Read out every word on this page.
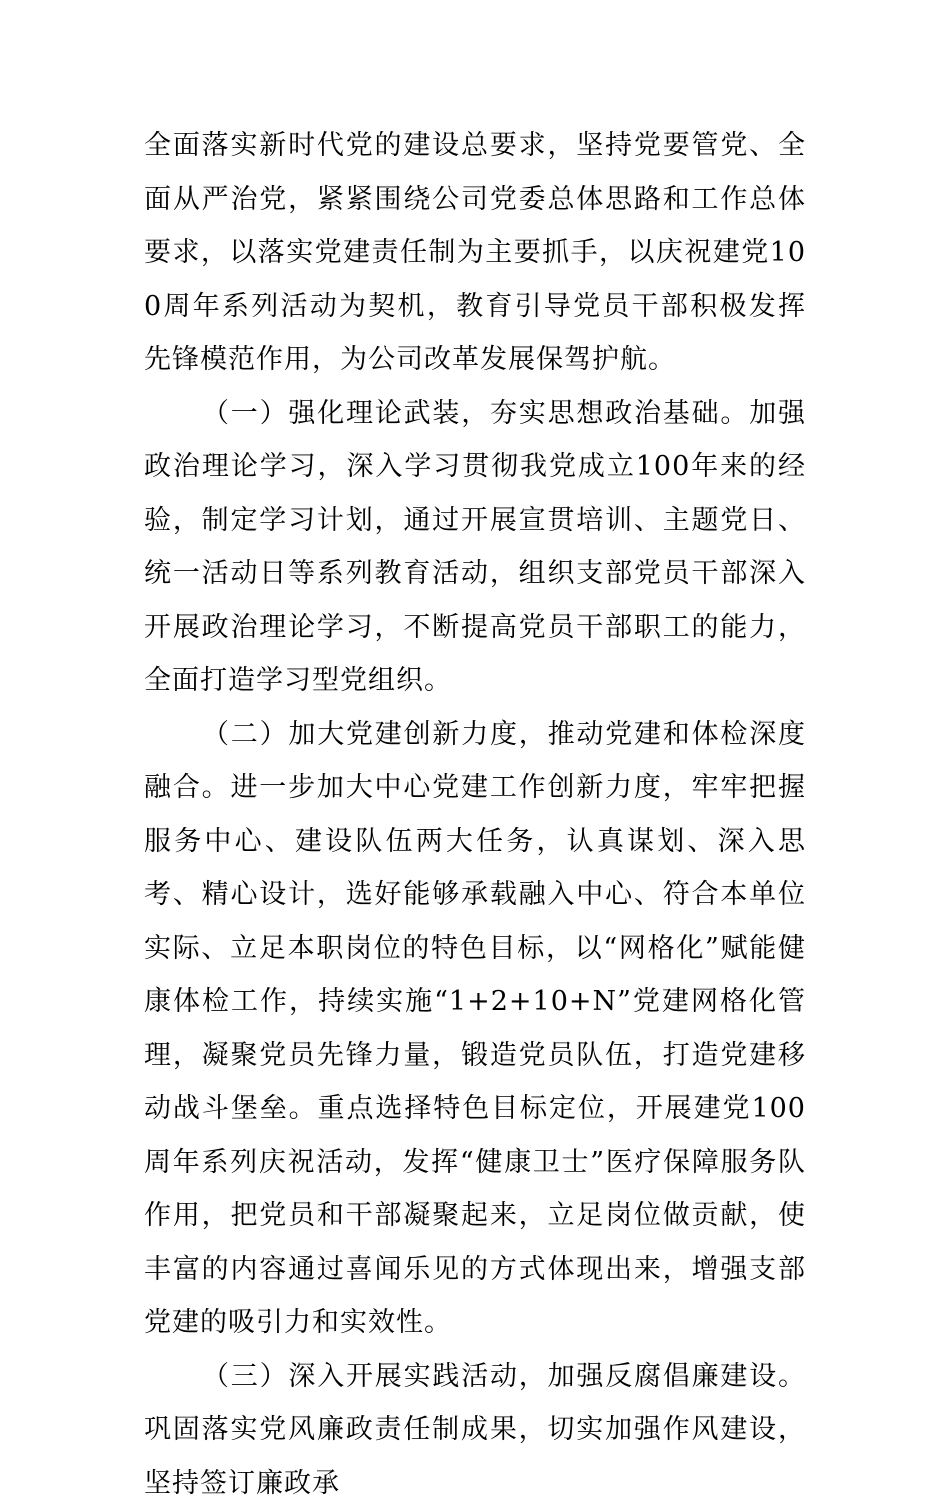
全面落实新时代党的建设总要求，坚持党要管党、全面从严治党，紧紧围绕公司党委总体思路和工作总体要求，以落实党建责任制为主要抓手，以庆祝建党100周年系列活动为契机，教育引导党员干部积极发挥先锋模范作用，为公司改革发展保驾护航。

（一）强化理论武装，夯实思想政治基础。加强政治理论学习，深入学习贯彻我党成立100年来的经验，制定学习计划，通过开展宣贯培训、主题党日、统一活动日等系列教育活动，组织支部党员干部深入开展政治理论学习，不断提高党员干部职工的能力，全面打造学习型党组织。

（二）加大党建创新力度，推动党建和体检深度融合。进一步加大中心党建工作创新力度，牢牢把握服务中心、建设队伍两大任务，认真谋划、深入思考、精心设计，选好能够承载融入中心、符合本单位实际、立足本职岗位的特色目标，以“网格化”赋能健康体检工作，持续实施“1+2+10+N”党建网格化管理，凝聚党员先锋力量，锻造党员队伍，打造党建移动战斗堡垒。重点选择特色目标定位，开展建党100周年系列庆祝活动，发挥“健康卫士”医疗保障服务队作用，把党员和干部凝聚起来，立足岗位做贡献，使丰富的内容通过喜闻乐见的方式体现出来，增强支部党建的吸引力和实效性。

（三）深入开展实践活动，加强反腐倡廉建设。巩固落实党风廉政责任制成果，切实加强作风建设，坚持签订廉政承
